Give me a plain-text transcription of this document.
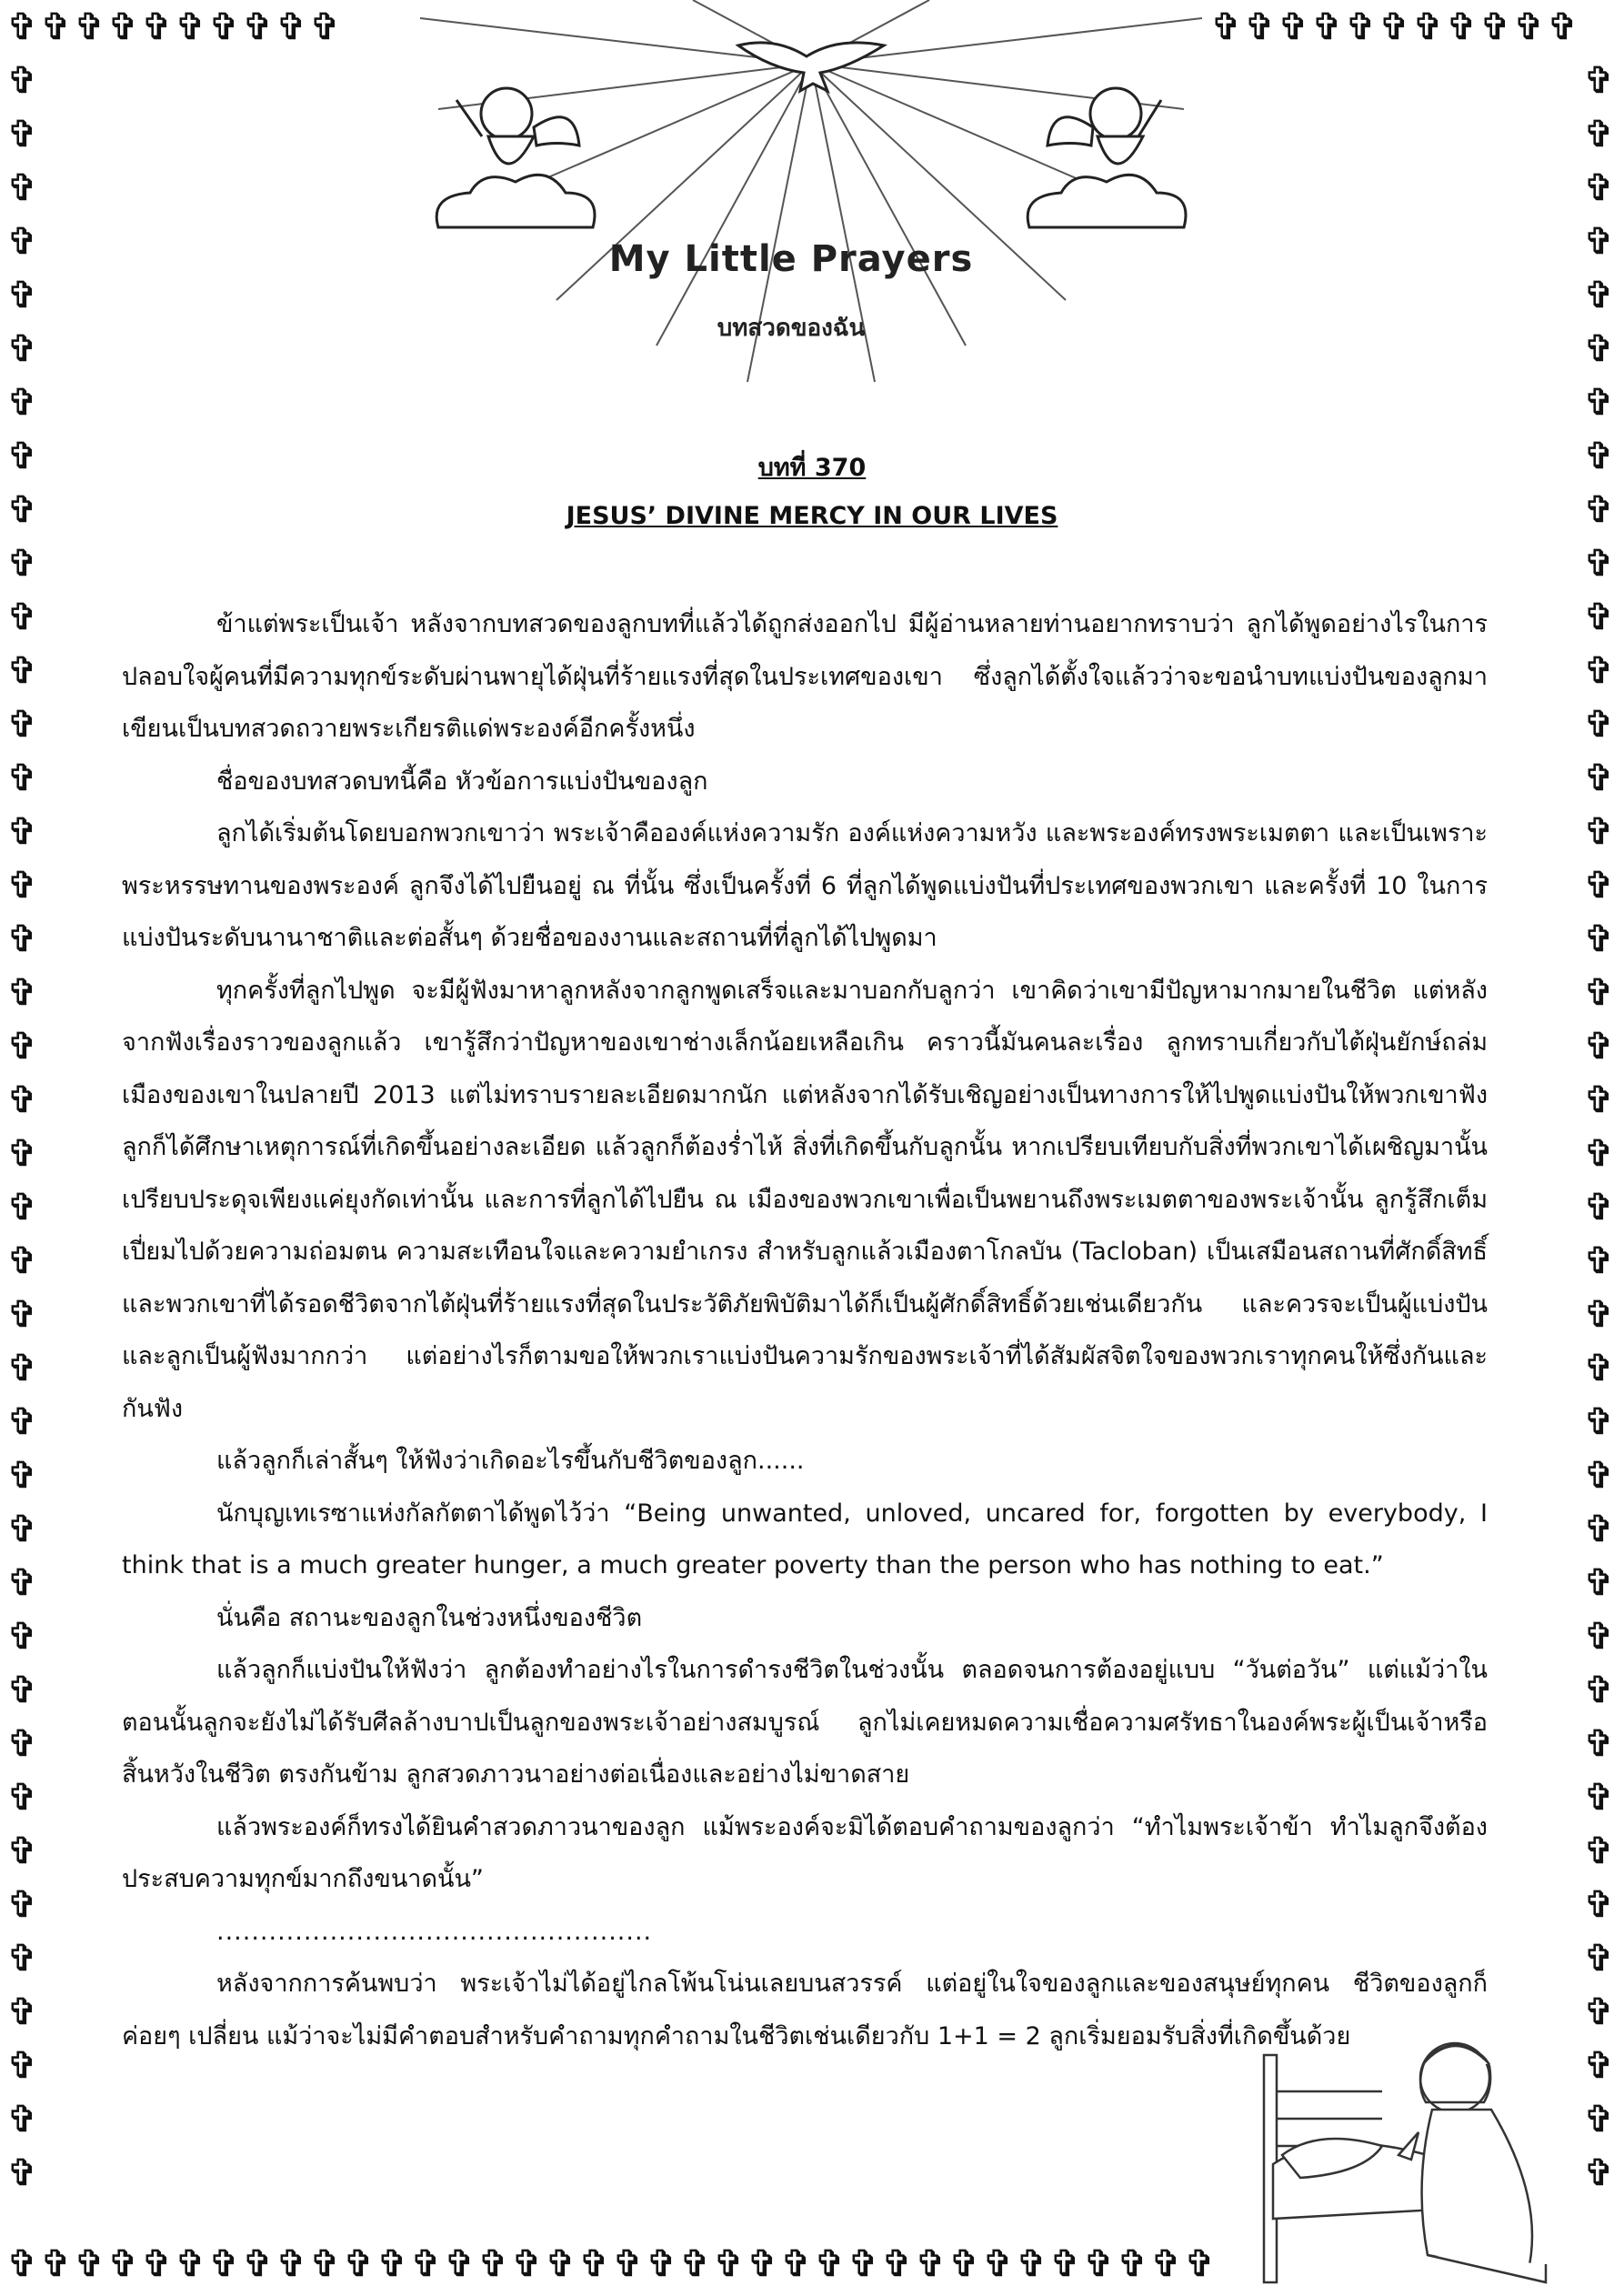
✞ ✞ ✞ ✞ ✞ ✞ ✞ ✞ ✞ ✞	✞ ✞ ✞ ✞ ✞ ✞ ✞ ✞ ✞ ✞ ✞
✞
✞
✞
✞
✞
✞
✞
✞
✞
✞
✞
✞
✞
✞
✞
✞
✞
✞
✞
✞
✞
✞
✞
✞
✞
✞
✞
✞
✞
✞
✞
✞
✞
✞
✞
✞
✞
✞
✞
✞
✞
✞
✞
✞
✞
✞
✞
✞
✞
✞
✞
✞
✞
✞
✞
✞
✞
✞
✞
✞
✞
✞
✞
✞
✞
✞
✞
✞
✞
✞
✞
✞
✞
✞
✞
✞
✞
✞
✞
✞
✞ ✞ ✞ ✞ ✞ ✞ ✞ ✞ ✞ ✞ ✞ ✞ ✞ ✞ ✞ ✞ ✞ ✞ ✞ ✞ ✞ ✞ ✞ ✞ ✞ ✞ ✞ ✞ ✞ ✞ ✞ ✞ ✞ ✞ ✞ ✞
My Little Prayers
บทสวดของฉัน
บทที่ 370
JESUS’ DIVINE MERCY IN OUR LIVES

ข้าแต่พระเป็นเจ้า หลังจากบทสวดของลูกบทที่แล้วได้ถูกส่งออกไป มีผู้อ่านหลายท่านอยากทราบว่า ลูกได้พูดอย่างไรในการปลอบใจผู้คนที่มีความทุกข์ระดับผ่านพายุได้ฝุ่นที่ร้ายแรงที่สุดในประเทศของเขา ซึ่งลูกได้ตั้งใจแล้วว่าจะขอนำบทแบ่งปันของลูกมาเขียนเป็นบทสวดถวายพระเกียรติแด่พระองค์อีกครั้งหนึ่ง

ชื่อของบทสวดบทนี้คือ หัวข้อการแบ่งปันของลูก

ลูกได้เริ่มต้นโดยบอกพวกเขาว่า พระเจ้าคือองค์แห่งความรัก องค์แห่งความหวัง และพระองค์ทรงพระเมตตา และเป็นเพราะพระหรรษทานของพระองค์ ลูกจึงได้ไปยืนอยู่ ณ ที่นั้น ซึ่งเป็นครั้งที่ 6 ที่ลูกได้พูดแบ่งปันที่ประเทศของพวกเขา และครั้งที่ 10 ในการแบ่งปันระดับนานาชาติและต่อสั้นๆ ด้วยชื่อของงานและสถานที่ที่ลูกได้ไปพูดมา

ทุกครั้งที่ลูกไปพูด จะมีผู้ฟังมาหาลูกหลังจากลูกพูดเสร็จและมาบอกกับลูกว่า เขาคิดว่าเขามีปัญหามากมายในชีวิต แต่หลังจากฟังเรื่องราวของลูกแล้ว เขารู้สึกว่าปัญหาของเขาช่างเล็กน้อยเหลือเกิน คราวนี้มันคนละเรื่อง ลูกทราบเกี่ยวกับไต้ฝุ่นยักษ์ถล่มเมืองของเขาในปลายปี 2013 แต่ไม่ทราบรายละเอียดมากนัก แต่หลังจากได้รับเชิญอย่างเป็นทางการให้ไปพูดแบ่งปันให้พวกเขาฟัง ลูกก็ได้ศึกษาเหตุการณ์ที่เกิดขึ้นอย่างละเอียด แล้วลูกก็ต้องร่ำไห้ สิ่งที่เกิดขึ้นกับลูกนั้น หากเปรียบเทียบกับสิ่งที่พวกเขาได้เผชิญมานั้น เปรียบประดุจเพียงแค่ยุงกัดเท่านั้น และการที่ลูกได้ไปยืน ณ เมืองของพวกเขาเพื่อเป็นพยานถึงพระเมตตาของพระเจ้านั้น ลูกรู้สึกเต็มเปี่ยมไปด้วยความถ่อมตน ความสะเทือนใจและความยำเกรง สำหรับลูกแล้วเมืองตาโกลบัน (Tacloban) เป็นเสมือนสถานที่ศักดิ์สิทธิ์ และพวกเขาที่ได้รอดชีวิตจากไต้ฝุ่นที่ร้ายแรงที่สุดในประวัติภัยพิบัติมาได้ก็เป็นผู้ศักดิ์สิทธิ์ด้วยเช่นเดียวกัน และควรจะเป็นผู้แบ่งปันและลูกเป็นผู้ฟังมากกว่า แต่อย่างไรก็ตามขอให้พวกเราแบ่งปันความรักของพระเจ้าที่ได้สัมผัสจิตใจของพวกเราทุกคนให้ซึ่งกันและกันฟัง

แล้วลูกก็เล่าสั้นๆ ให้ฟังว่าเกิดอะไรขึ้นกับชีวิตของลูก......

นักบุญเทเรซาแห่งกัลกัตตาได้พูดไว้ว่า “Being unwanted, unloved, uncared for, forgotten by everybody, I think that is a much greater hunger, a much greater poverty than the person who has nothing to eat.”

นั่นคือ สถานะของลูกในช่วงหนึ่งของชีวิต

แล้วลูกก็แบ่งปันให้ฟังว่า ลูกต้องทำอย่างไรในการดำรงชีวิตในช่วงนั้น ตลอดจนการต้องอยู่แบบ “วันต่อวัน” แต่แม้ว่าในตอนนั้นลูกจะยังไม่ได้รับศีลล้างบาปเป็นลูกของพระเจ้าอย่างสมบูรณ์ ลูกไม่เคยหมดความเชื่อความศรัทธาในองค์พระผู้เป็นเจ้าหรือสิ้นหวังในชีวิต ตรงกันข้าม ลูกสวดภาวนาอย่างต่อเนื่องและอย่างไม่ขาดสาย

แล้วพระองค์ก็ทรงได้ยินคำสวดภาวนาของลูก แม้พระองค์จะมิได้ตอบคำถามของลูกว่า “ทำไมพระเจ้าข้า ทำไมลูกจึงต้องประสบความทุกข์มากถึงขนาดนั้น”

..................................................

หลังจากการค้นพบว่า พระเจ้าไม่ได้อยู่ไกลโพ้นโน่นเลยบนสวรรค์ แต่อยู่ในใจของลูกและของสนุษย์ทุกคน ชีวิตของลูกก็ค่อยๆ เปลี่ยน แม้ว่าจะไม่มีคำตอบสำหรับคำถามทุกคำถามในชีวิตเช่นเดียวกับ 1+1 = 2 ลูกเริ่มยอมรับสิ่งที่เกิดขึ้นด้วย
